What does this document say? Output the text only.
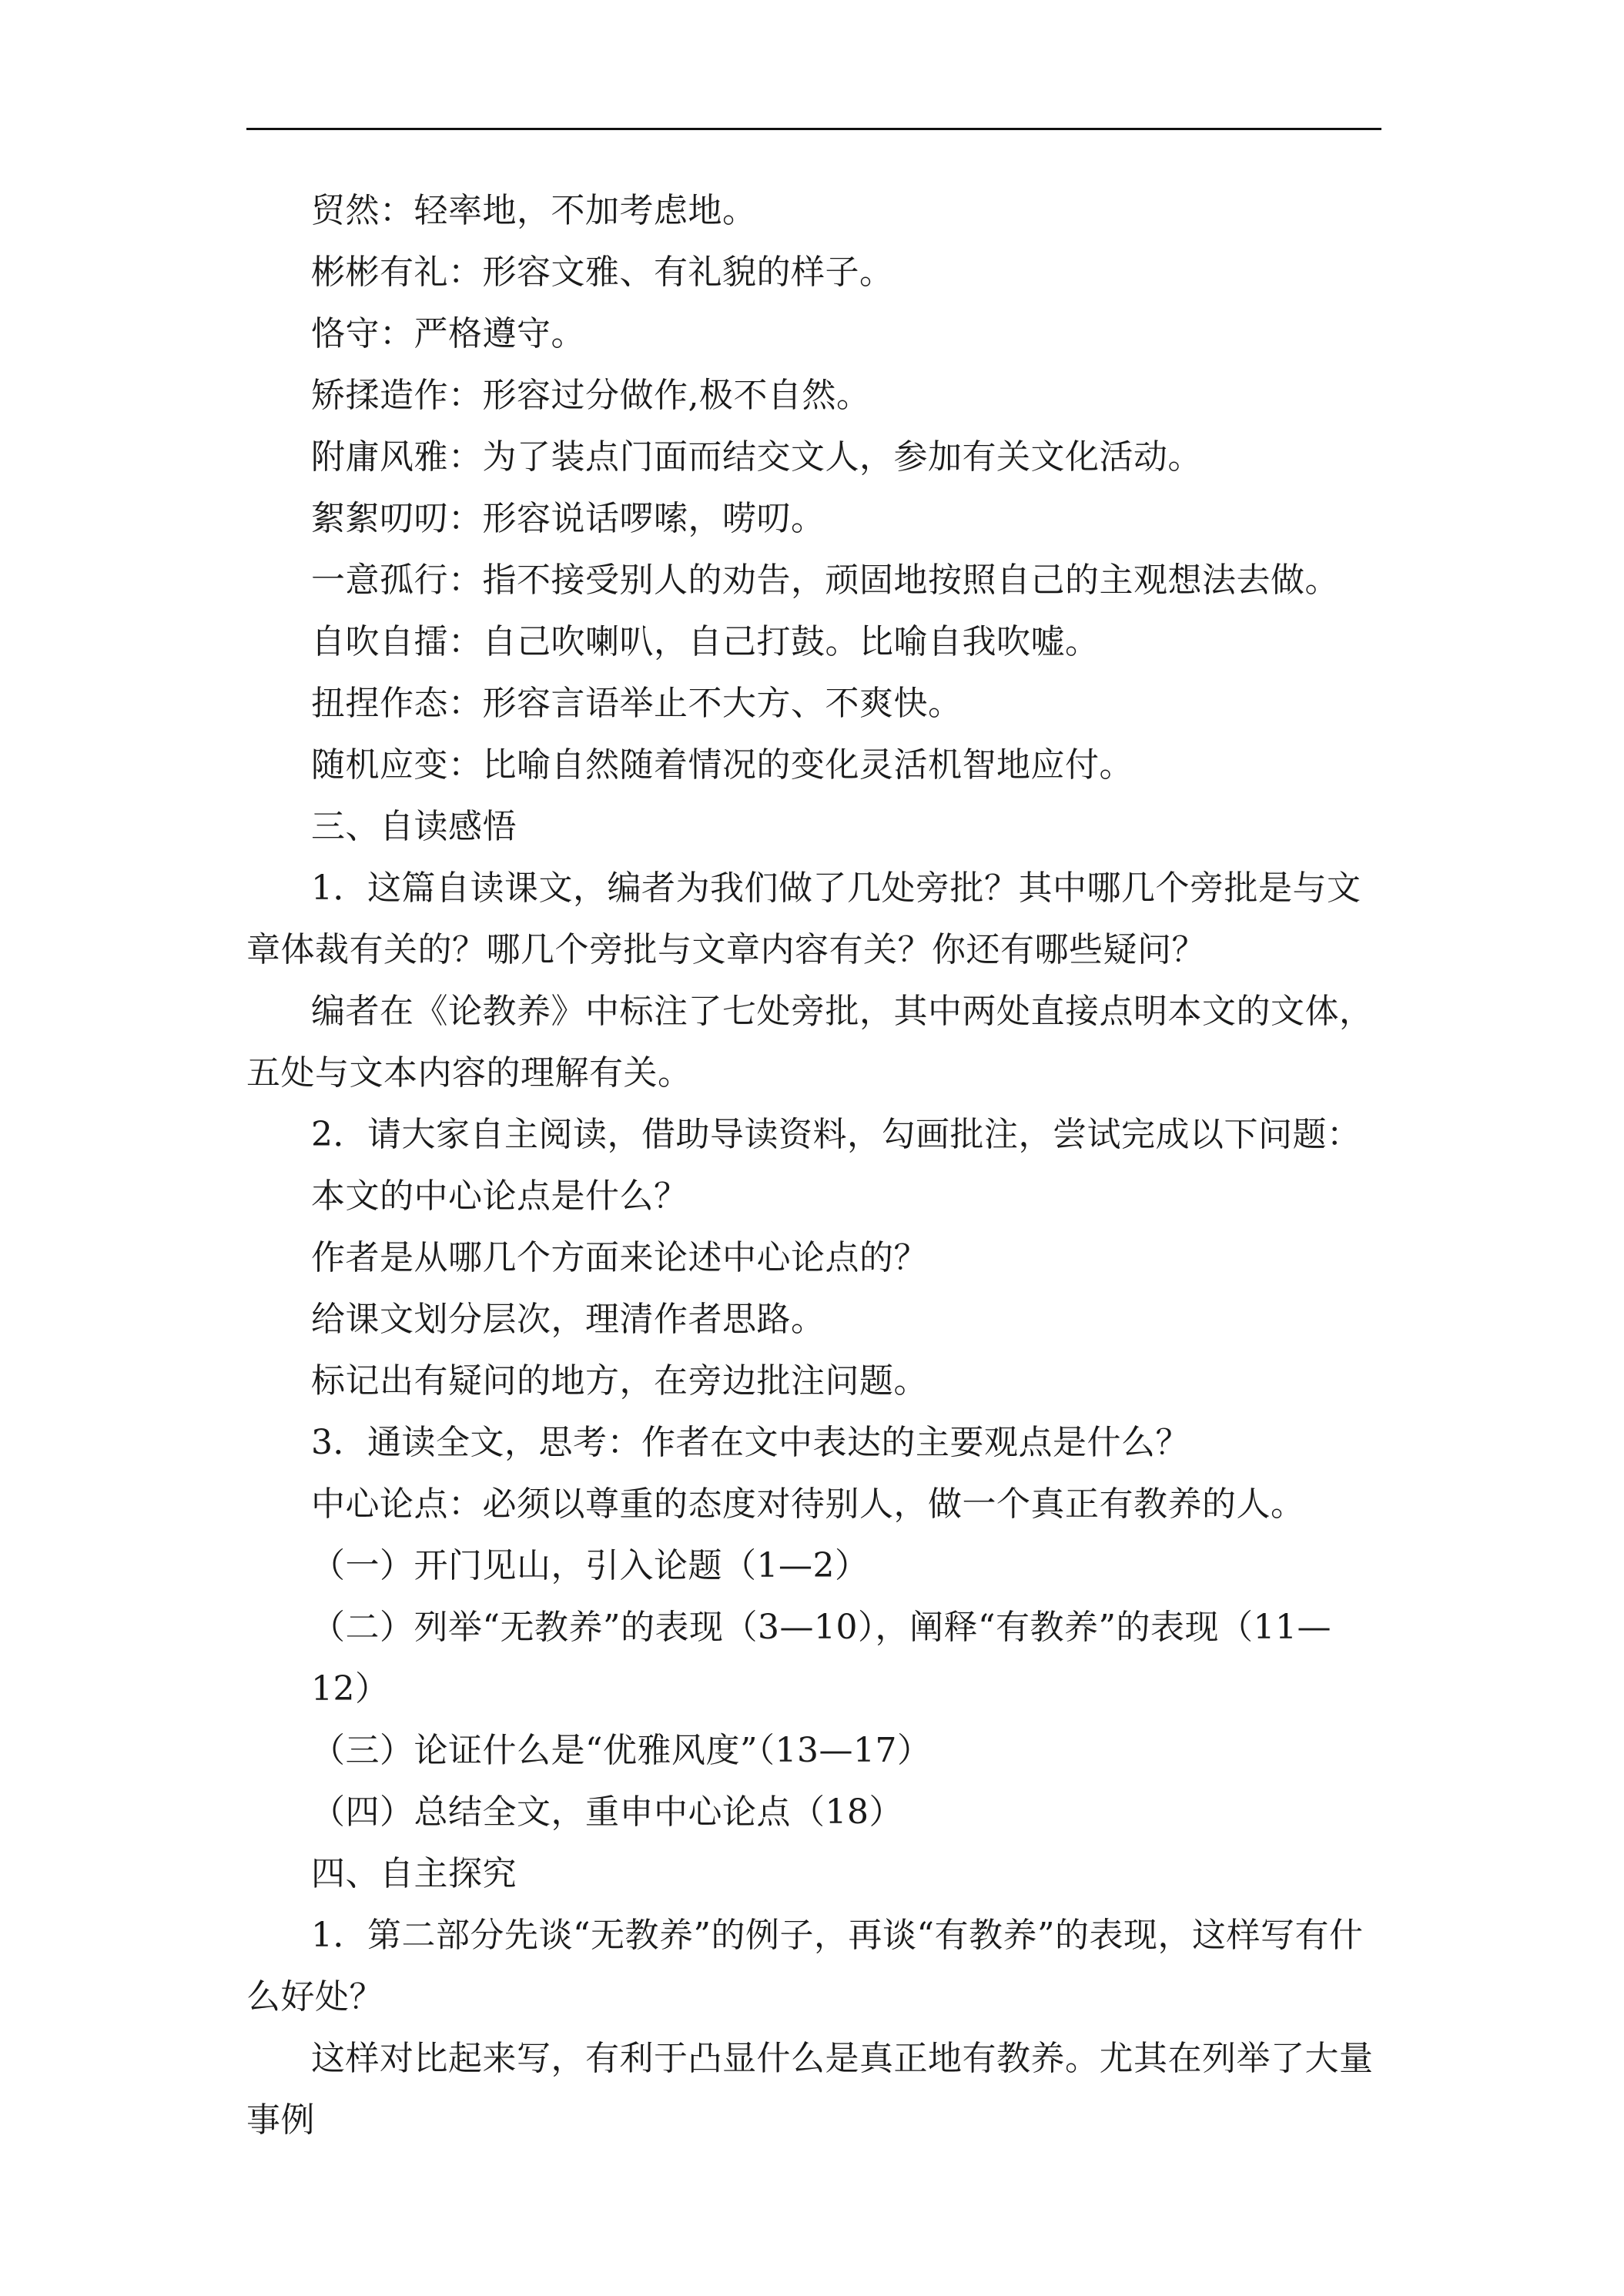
贸然：轻率地，不加考虑地。

彬彬有礼：形容文雅、有礼貌的样子。

恪守：严格遵守。

矫揉造作：形容过分做作,极不自然。

附庸风雅：为了装点门面而结交文人，参加有关文化活动。

絮絮叨叨：形容说话啰嗦，唠叨。

一意孤行：指不接受别人的劝告，顽固地按照自己的主观想法去做。

自吹自擂：自己吹喇叭，自己打鼓。比喻自我吹嘘。

扭捏作态：形容言语举止不大方、不爽快。

随机应变：比喻自然随着情况的变化灵活机智地应付。

三、自读感悟

1．这篇自读课文，编者为我们做了几处旁批？其中哪几个旁批是与文章体裁有关的？哪几个旁批与文章内容有关？你还有哪些疑问？

编者在《论教养》中标注了七处旁批，其中两处直接点明本文的文体，五处与文本内容的理解有关。

2．请大家自主阅读，借助导读资料，勾画批注，尝试完成以下问题：

本文的中心论点是什么？

作者是从哪几个方面来论述中心论点的？

给课文划分层次，理清作者思路。

标记出有疑问的地方，在旁边批注问题。

3．通读全文，思考：作者在文中表达的主要观点是什么？

中心论点：必须以尊重的态度对待别人，做一个真正有教养的人。

（一）开门见山，引入论题（1—2）

（二）列举“无教养”的表现（3—10），阐释“有教养”的表现（11—12）

（三）论证什么是“优雅风度”（13—17）

（四）总结全文，重申中心论点（18）

四、自主探究

1．第二部分先谈“无教养”的例子，再谈“有教养”的表现，这样写有什么好处？

这样对比起来写，有利于凸显什么是真正地有教养。尤其在列举了大量事例
